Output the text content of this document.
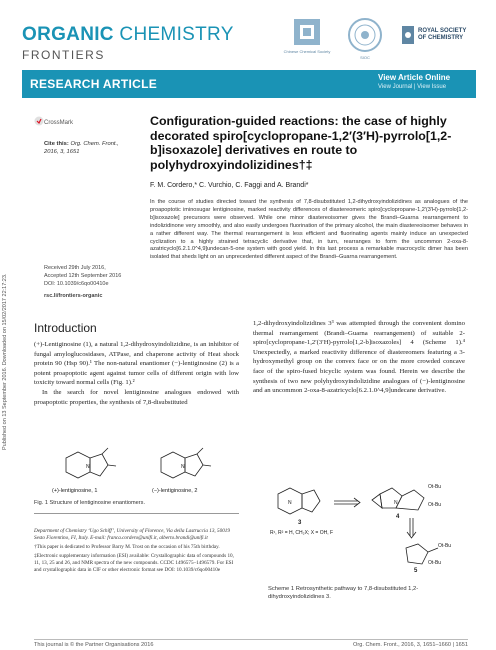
ORGANIC CHEMISTRY
FRONTIERS	Chinese Chemical Society
SIOC
ROYAL SOCIETY OF CHEMISTRY
RESEARCH ARTICLE	View Article Online
View Journal | View Issue
Published on 13 September 2016. Downloaded on 15/02/2017 22:17:23.
CrossMark
Cite this: Org. Chem. Front., 2016, 3, 1651
Received 29th July 2016,
Accepted 12th September 2016
DOI: 10.1039/c6qo00410e
rsc.li/frontiers-organic
Configuration-guided reactions: the case of highly decorated spiro[cyclopropane-1,2′(3′H)-pyrrolo[1,2-b]isoxazole] derivatives en route to polyhydroxyindolizidines†‡
F. M. Cordero,* C. Vurchio, C. Faggi and A. Brandi*
In the course of studies directed toward the synthesis of 7,8-disubstituted 1,2-dihydroxyindolizidines as analogues of the proapoptotic iminosugar lentiginosine, marked reactivity differences of diastereomeric spiro[cyclopropane-1,2′(3′H)-pyrrolo[1,2-b]isoxazole] precursors were observed. While one minor diastereoisomer gives the Brandi–Guarna rearrangement to indolizidinone very smoothly, and also easily undergoes fluorination of the primary alcohol, the main diastereoisomer behaves in a rather different way. The thermal rearrangement is less efficient and fluorinating agents mainly induce an unexpected cyclization to a highly strained tetracyclic derivative that, in turn, rearranges to form the uncommon 2-oxa-8-azatricyclo[6.2.1.0^4,9]undecan-5-one system with good yield. In this last process a remarkable macrocyclic dimer has been isolated that sheds light on an unprecedented different aspect of the Brandi–Guarna rearrangement.
Introduction

(+)-Lentiginosine (1), a natural 1,2-dihydroxyindolizidine, is an inhibitor of fungal amyloglucosidases, ATPase, and chaperone activity of Heat shock protein 90 (Hsp 90).¹ The non-natural enantiomer (−)-lentiginosine (2) is a potent proapoptotic agent against tumor cells of different origin with low toxicity toward normal cells (Fig. 1).²

In the search for novel lentiginosine analogues endowed with proapoptotic properties, the synthesis of 7,8-disubstituted

1,2-dihydroxyindolizidines 3³ was attempted through the convenient domino thermal rearrangement (Brandi–Guarna rearrangement) of suitable 2-spiro[cyclopropane-1,2′(3′H)-pyrrolo[1,2-b]isoxazoles] 4 (Scheme 1).⁴ Unexpectedly, a marked reactivity difference of diastereomers featuring a 3-hydroxymethyl group on the convex face or on the more crowded concave face of the spiro-fused bicyclic system was found. Herein we describe the synthesis of two new polyhydroxyindolizidine analogues of (−)-lentiginosine and an uncommon 2-oxa-8-azatricyclo[6.2.1.0^4,9]undecane derivative.

N	N
(+)-lentiginosine, 1	(−)-lentiginosine, 2
Fig. 1 Structure of lentiginosine enantiomers.

Department of Chemistry ‘Ugo Schiff’, University of Florence, Via della Lastruccia 13, 50019 Sesto Fiorentino, FI, Italy. E-mail: franca.cordero@unifi.it, alberto.brandi@unifi.it

†This paper is dedicated to Professor Barry M. Trost on the occasion of his 75th birthday.

‡Electronic supplementary information (ESI) available: Crystallographic data of compounds 10, 11, 13, 25 and 26, and NMR spectra of the new compounds. CCDC 1496575–1496579. For ESI and crystallographic data in CIF or other electronic format see DOI: 10.1039/c6qo00410e

N	N
3
4
5
Ot-Bu
Ot-Bu
Ot-Bu
Ot-Bu
R¹, R² = H, CH₂X; X = OH, F
Scheme 1 Retrosynthetic pathway to 7,8-disubstituted 1,2-dihydroxyindolizidines 3.
This journal is © the Partner Organisations 2016	Org. Chem. Front., 2016, 3, 1651–1660 | 1651
